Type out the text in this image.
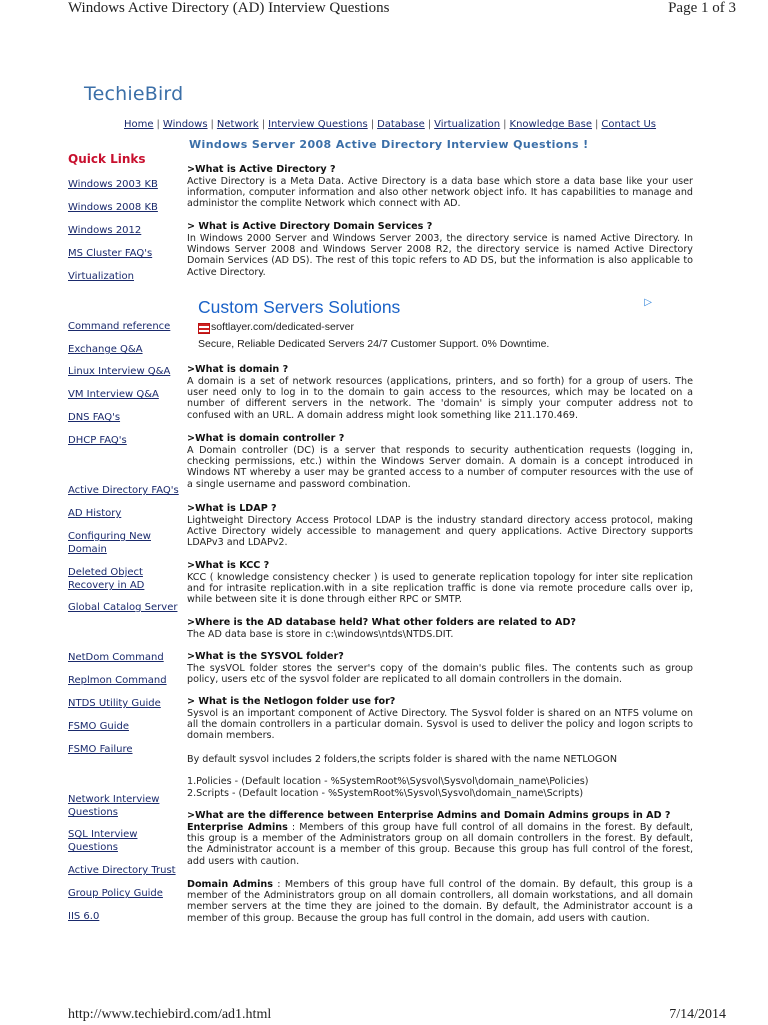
Windows Active Directory (AD) Interview Questions	Page 1 of 3
TechieBird
Home | Windows | Network | Interview Questions | Database | Virtualization | Knowledge Base | Contact Us
Quick Links
Windows 2003 KB
Windows 2008 KB
Windows 2012
MS Cluster FAQ's
Virtualization
Command reference
Exchange Q&A
Linux Interview Q&A
VM Interview Q&A
DNS FAQ's
DHCP FAQ's
Active Directory FAQ's
AD History
Configuring New Domain
Deleted Object Recovery in AD
Global Catalog Server
NetDom Command
Replmon Command
NTDS Utility Guide
FSMO Guide
FSMO Failure
Network Interview Questions
SQL Interview Questions
Active Directory Trust
Group Policy Guide
IIS 6.0
Windows Server 2008 Active Directory Interview Questions !
>What is Active Directory ?
Active Directory is a Meta Data. Active Directory is a data base which store a data base like your user information, computer information and also other network object info. It has capabilities to manage and administor the complite Network which connect with AD.
> What is Active Directory Domain Services ?
In Windows 2000 Server and Windows Server 2003, the directory service is named Active Directory. In Windows Server 2008 and Windows Server 2008 R2, the directory service is named Active Directory Domain Services (AD DS). The rest of this topic refers to AD DS, but the information is also applicable to Active Directory.
>What is domain ?
A domain is a set of network resources (applications, printers, and so forth) for a group of users. The user need only to log in to the domain to gain access to the resources, which may be located on a number of different servers in the network. The 'domain' is simply your computer address not to confused with an URL. A domain address might look something like 211.170.469.
>What is domain controller ?
A Domain controller (DC) is a server that responds to security authentication requests (logging in, checking permissions, etc.) within the Windows Server domain. A domain is a concept introduced in Windows NT whereby a user may be granted access to a number of computer resources with the use of a single username and password combination.
>What is LDAP ?
Lightweight Directory Access Protocol LDAP is the industry standard directory access protocol, making Active Directory widely accessible to management and query applications. Active Directory supports LDAPv3 and LDAPv2.
>What is KCC ?
KCC ( knowledge consistency checker ) is used to generate replication topology for inter site replication and for intrasite replication.with in a site replication traffic is done via remote procedure calls over ip, while between site it is done through either RPC or SMTP.
>Where is the AD database held? What other folders are related to AD?
The AD data base is store in c:\windows\ntds\NTDS.DIT.
>What is the SYSVOL folder?
The sysVOL folder stores the server's copy of the domain's public files. The contents such as group policy, users etc of the sysvol folder are replicated to all domain controllers in the domain.
> What is the Netlogon folder use for?
Sysvol is an important component of Active Directory. The Sysvol folder is shared on an NTFS volume on all the domain controllers in a particular domain. Sysvol is used to deliver the policy and logon scripts to domain members.
By default sysvol includes 2 folders,the scripts folder is shared with the name NETLOGON
1.Policies - (Default location - %SystemRoot%\Sysvol\Sysvol\domain_name\Policies)
2.Scripts - (Default location - %SystemRoot%\Sysvol\Sysvol\domain_name\Scripts)
>What are the difference between Enterprise Admins and Domain Admins groups in AD ?
Enterprise Admins : Members of this group have full control of all domains in the forest. By default, this group is a member of the Administrators group on all domain controllers in the forest. By default, the Administrator account is a member of this group. Because this group has full control of the forest, add users with caution.
Domain Admins : Members of this group have full control of the domain. By default, this group is a member of the Administrators group on all domain controllers, all domain workstations, and all domain member servers at the time they are joined to the domain. By default, the Administrator account is a member of this group. Because the group has full control in the domain, add users with caution.
Custom Servers Solutions	▷
softlayer.com/dedicated-server
Secure, Reliable Dedicated Servers 24/7 Customer Support. 0% Downtime.
http://www.techiebird.com/ad1.html	7/14/2014
